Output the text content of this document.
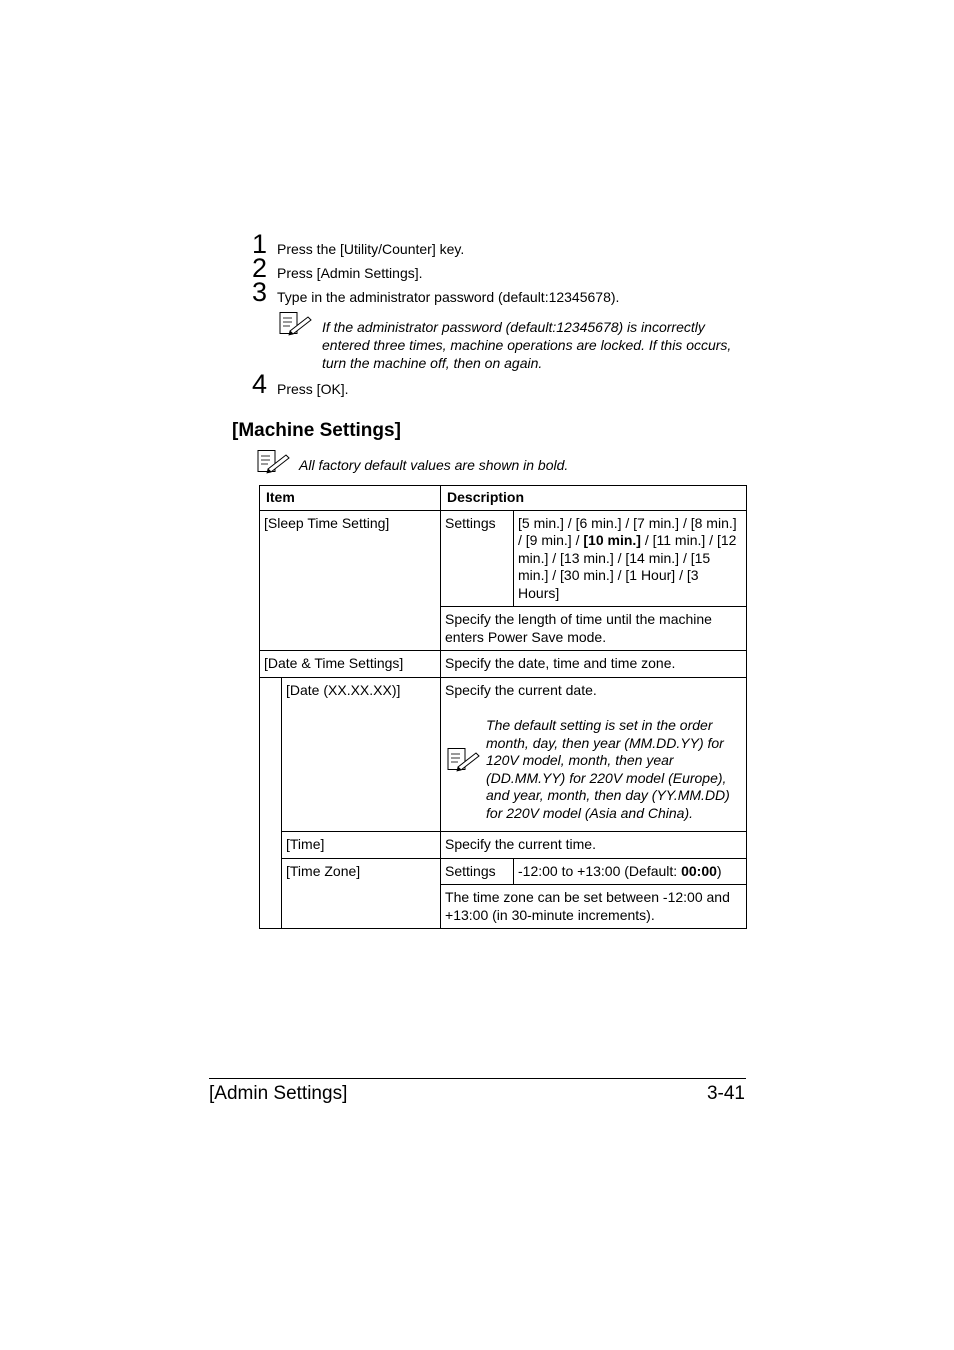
1 Press the [Utility/Counter] key.
2 Press [Admin Settings].
3 Type in the administrator password (default:12345678).
If the administrator password (default:12345678) is incorrectly entered three times, machine operations are locked. If this occurs, turn the machine off, then on again.
4 Press [OK].
[Machine Settings]
All factory default values are shown in bold.
Item		Description	
[Sleep Time Setting]		Settings	[5 min.] / [6 min.] / [7 min.] / [8 min.] / [9 min.] / [10 min.] / [11 min.] / [12 min.] / [13 min.] / [14 min.] / [15 min.] / [30 min.] / [1 Hour] / [3 Hours]
		Specify the length of time until the machine enters Power Save mode.	
[Date & Time Settings]		Specify the date, time and time zone.	
	[Date (XX.XX.XX)]	Specify the current date.
The default setting is set in the order month, day, then year (MM.DD.YY) for 120V model, month, then year (DD.MM.YY) for 220V model (Europe), and year, month, then day (YY.MM.DD) for 220V model (Asia and China).	

	[Time]	Specify the current time.	
	[Time Zone]	Settings	-12:00 to +13:00 (Default: 00:00)
		The time zone can be set between -12:00 and +13:00 (in 30-minute increments).	
[Admin Settings]	3-41
